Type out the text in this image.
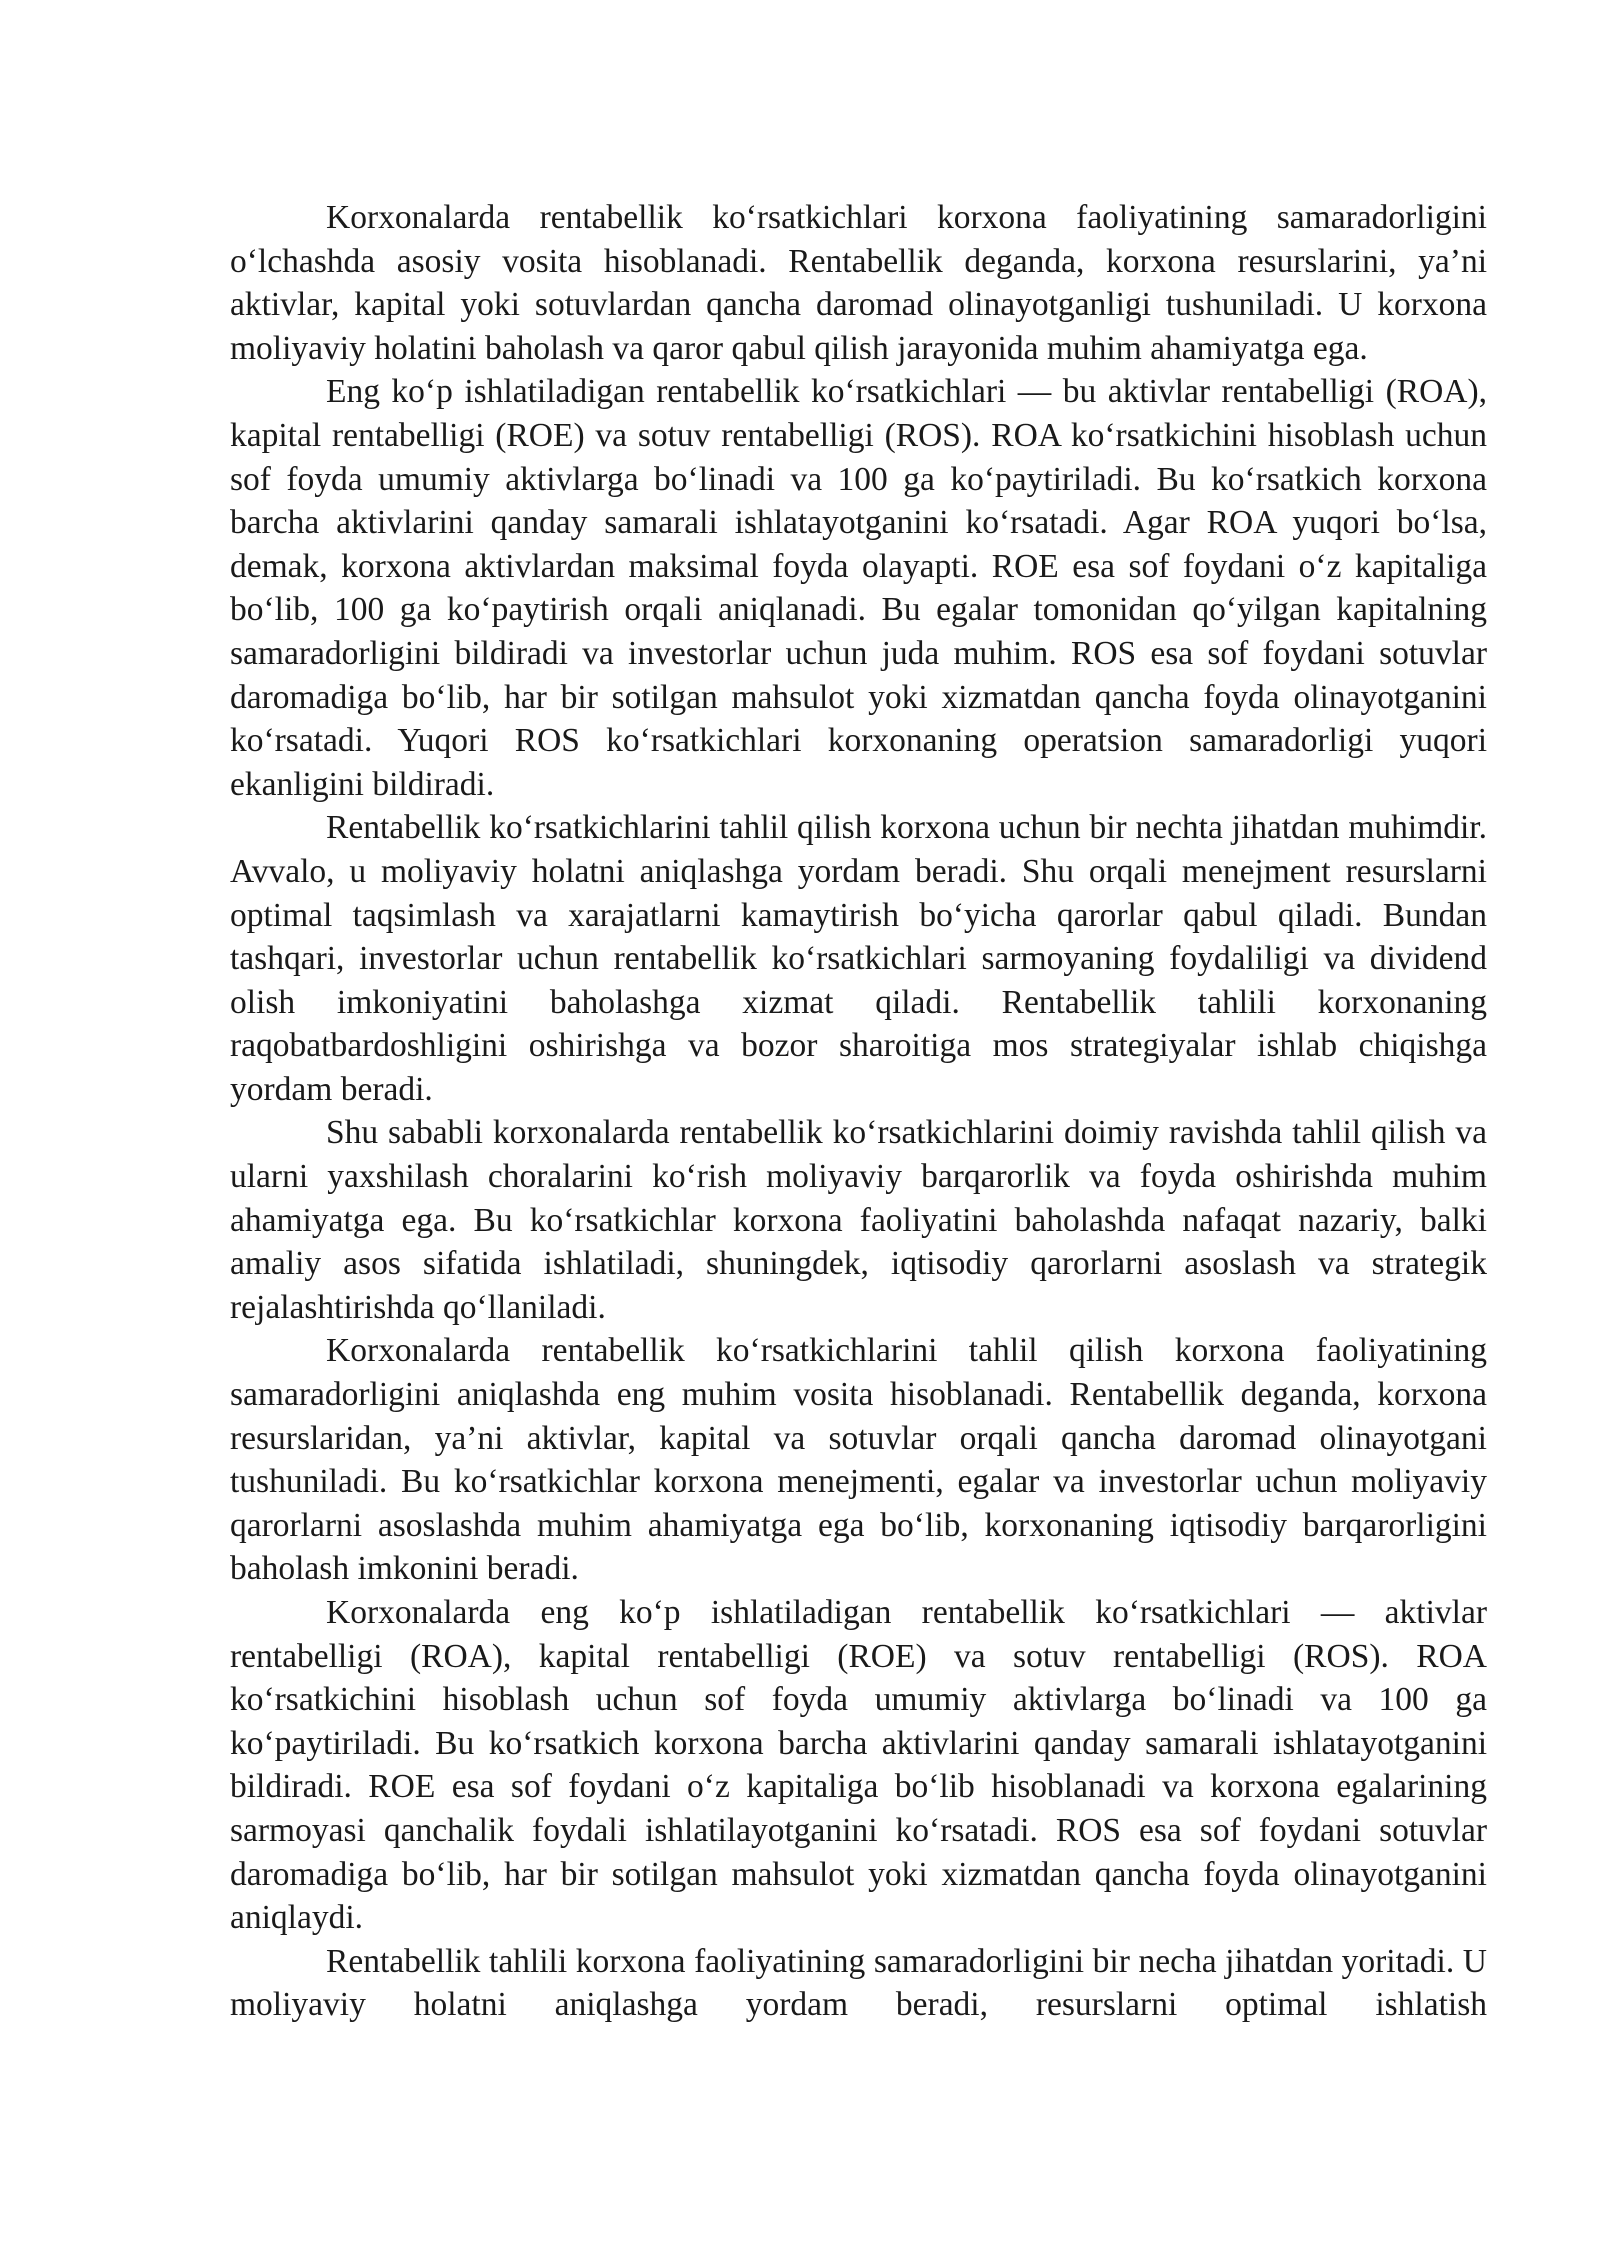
Korxonalarda rentabellik ko‘rsatkichlari korxona faoliyatining samaradorligini o‘lchashda asosiy vosita hisoblanadi. Rentabellik deganda, korxona resurslarini, ya’ni aktivlar, kapital yoki sotuvlardan qancha daromad olinayotganligi tushuniladi. U korxona moliyaviy holatini baholash va qaror qabul qilish jarayonida muhim ahamiyatga ega.

Eng ko‘p ishlatiladigan rentabellik ko‘rsatkichlari — bu aktivlar rentabelligi (ROA), kapital rentabelligi (ROE) va sotuv rentabelligi (ROS). ROA ko‘rsatkichini hisoblash uchun sof foyda umumiy aktivlarga bo‘linadi va 100 ga ko‘paytiriladi. Bu ko‘rsatkich korxona barcha aktivlarini qanday samarali ishlatayotganini ko‘rsatadi. Agar ROA yuqori bo‘lsa, demak, korxona aktivlardan maksimal foyda olayapti. ROE esa sof foydani o‘z kapitaliga bo‘lib, 100 ga ko‘paytirish orqali aniqlanadi. Bu egalar tomonidan qo‘yilgan kapitalning samaradorligini bildiradi va investorlar uchun juda muhim. ROS esa sof foydani sotuvlar daromadiga bo‘lib, har bir sotilgan mahsulot yoki xizmatdan qancha foyda olinayotganini ko‘rsatadi. Yuqori ROS ko‘rsatkichlari korxonaning operatsion samaradorligi yuqori ekanligini bildiradi.

Rentabellik ko‘rsatkichlarini tahlil qilish korxona uchun bir nechta jihatdan muhimdir. Avvalo, u moliyaviy holatni aniqlashga yordam beradi. Shu orqali menejment resurslarni optimal taqsimlash va xarajatlarni kamaytirish bo‘yicha qarorlar qabul qiladi. Bundan tashqari, investorlar uchun rentabellik ko‘rsatkichlari sarmoyaning foydaliligi va dividend olish imkoniyatini baholashga xizmat qiladi. Rentabellik tahlili korxonaning raqobatbardoshligini oshirishga va bozor sharoitiga mos strategiyalar ishlab chiqishga yordam beradi.

Shu sababli korxonalarda rentabellik ko‘rsatkichlarini doimiy ravishda tahlil qilish va ularni yaxshilash choralarini ko‘rish moliyaviy barqarorlik va foyda oshirishda muhim ahamiyatga ega. Bu ko‘rsatkichlar korxona faoliyatini baholashda nafaqat nazariy, balki amaliy asos sifatida ishlatiladi, shuningdek, iqtisodiy qarorlarni asoslash va strategik rejalashtirishda qo‘llaniladi.

Korxonalarda rentabellik ko‘rsatkichlarini tahlil qilish korxona faoliyatining samaradorligini aniqlashda eng muhim vosita hisoblanadi. Rentabellik deganda, korxona resurslaridan, ya’ni aktivlar, kapital va sotuvlar orqali qancha daromad olinayotgani tushuniladi. Bu ko‘rsatkichlar korxona menejmenti, egalar va investorlar uchun moliyaviy qarorlarni asoslashda muhim ahamiyatga ega bo‘lib, korxonaning iqtisodiy barqarorligini baholash imkonini beradi.

Korxonalarda eng ko‘p ishlatiladigan rentabellik ko‘rsatkichlari — aktivlar rentabelligi (ROA), kapital rentabelligi (ROE) va sotuv rentabelligi (ROS). ROA ko‘rsatkichini hisoblash uchun sof foyda umumiy aktivlarga bo‘linadi va 100 ga ko‘paytiriladi. Bu ko‘rsatkich korxona barcha aktivlarini qanday samarali ishlatayotganini bildiradi. ROE esa sof foydani o‘z kapitaliga bo‘lib hisoblanadi va korxona egalarining sarmoyasi qanchalik foydali ishlatilayotganini ko‘rsatadi. ROS esa sof foydani sotuvlar daromadiga bo‘lib, har bir sotilgan mahsulot yoki xizmatdan qancha foyda olinayotganini aniqlaydi.

Rentabellik tahlili korxona faoliyatining samaradorligini bir necha jihatdan yoritadi. U moliyaviy holatni aniqlashga yordam beradi, resurslarni optimal ishlatish
